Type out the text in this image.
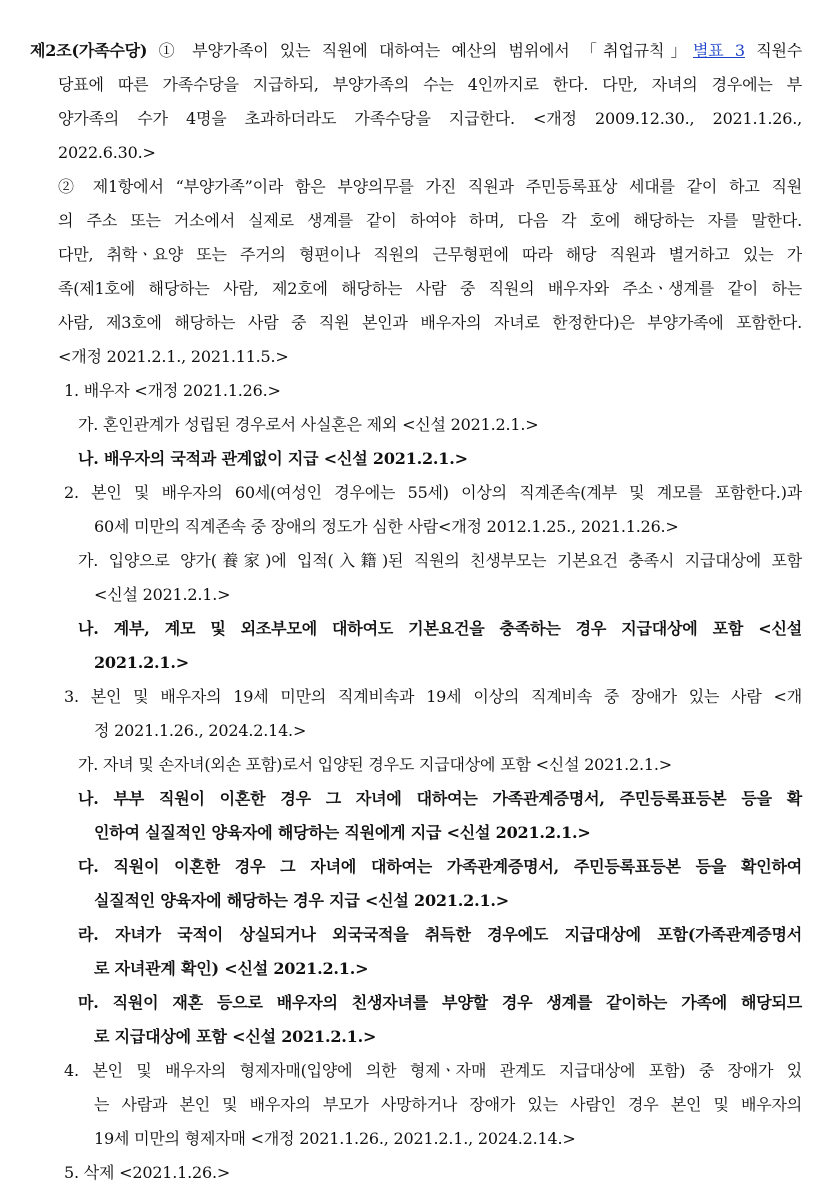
제2조(가족수당) ① 부양가족이 있는 직원에 대하여는 예산의 범위에서 「취업규칙」별표 3 직원수
당표에 따른 가족수당을 지급하되, 부양가족의 수는 4인까지로 한다. 다만, 자녀의 경우에는 부
양가족의 수가 4명을 초과하더라도 가족수당을 지급한다. <개정 2009.12.30., 2021.1.26.,
2022.6.30.>
② 제1항에서 “부양가족”이라 함은 부양의무를 가진 직원과 주민등록표상 세대를 같이 하고 직원
의 주소 또는 거소에서 실제로 생계를 같이 하여야 하며, 다음 각 호에 해당하는 자를 말한다.
다만, 취학ㆍ요양 또는 주거의 형편이나 직원의 근무형편에 따라 해당 직원과 별거하고 있는 가
족(제1호에 해당하는 사람, 제2호에 해당하는 사람 중 직원의 배우자와 주소ㆍ생계를 같이 하는
사람, 제3호에 해당하는 사람 중 직원 본인과 배우자의 자녀로 한정한다)은 부양가족에 포함한다.
<개정 2021.2.1., 2021.11.5.>
1. 배우자 <개정 2021.1.26.>
가. 혼인관계가 성립된 경우로서 사실혼은 제외 <신설 2021.2.1.>
나. 배우자의 국적과 관계없이 지급 <신설 2021.2.1.>
2. 본인 및 배우자의 60세(여성인 경우에는 55세) 이상의 직계존속(계부 및 계모를 포함한다.)과
60세 미만의 직계존속 중 장애의 정도가 심한 사람<개정 2012.1.25., 2021.1.26.>
가. 입양으로 양가(養家)에 입적(入籍)된 직원의 친생부모는 기본요건 충족시 지급대상에 포함
<신설 2021.2.1.>
나. 계부, 계모 및 외조부모에 대하여도 기본요건을 충족하는 경우 지급대상에 포함 <신설
2021.2.1.>
3. 본인 및 배우자의 19세 미만의 직계비속과 19세 이상의 직계비속 중 장애가 있는 사람 <개
정 2021.1.26., 2024.2.14.>
가. 자녀 및 손자녀(외손 포함)로서 입양된 경우도 지급대상에 포함 <신설 2021.2.1.>
나. 부부 직원이 이혼한 경우 그 자녀에 대하여는 가족관계증명서, 주민등록표등본 등을 확
인하여 실질적인 양육자에 해당하는 직원에게 지급 <신설 2021.2.1.>
다. 직원이 이혼한 경우 그 자녀에 대하여는 가족관계증명서, 주민등록표등본 등을 확인하여
실질적인 양육자에 해당하는 경우 지급 <신설 2021.2.1.>
라. 자녀가 국적이 상실되거나 외국국적을 취득한 경우에도 지급대상에 포함(가족관계증명서
로 자녀관계 확인) <신설 2021.2.1.>
마. 직원이 재혼 등으로 배우자의 친생자녀를 부양할 경우 생계를 같이하는 가족에 해당되므
로 지급대상에 포함 <신설 2021.2.1.>
4. 본인 및 배우자의 형제자매(입양에 의한 형제ㆍ자매 관계도 지급대상에 포함) 중 장애가 있
는 사람과 본인 및 배우자의 부모가 사망하거나 장애가 있는 사람인 경우 본인 및 배우자의
19세 미만의 형제자매 <개정 2021.1.26., 2021.2.1., 2024.2.14.>
5. 삭제 <2021.1.26.>
